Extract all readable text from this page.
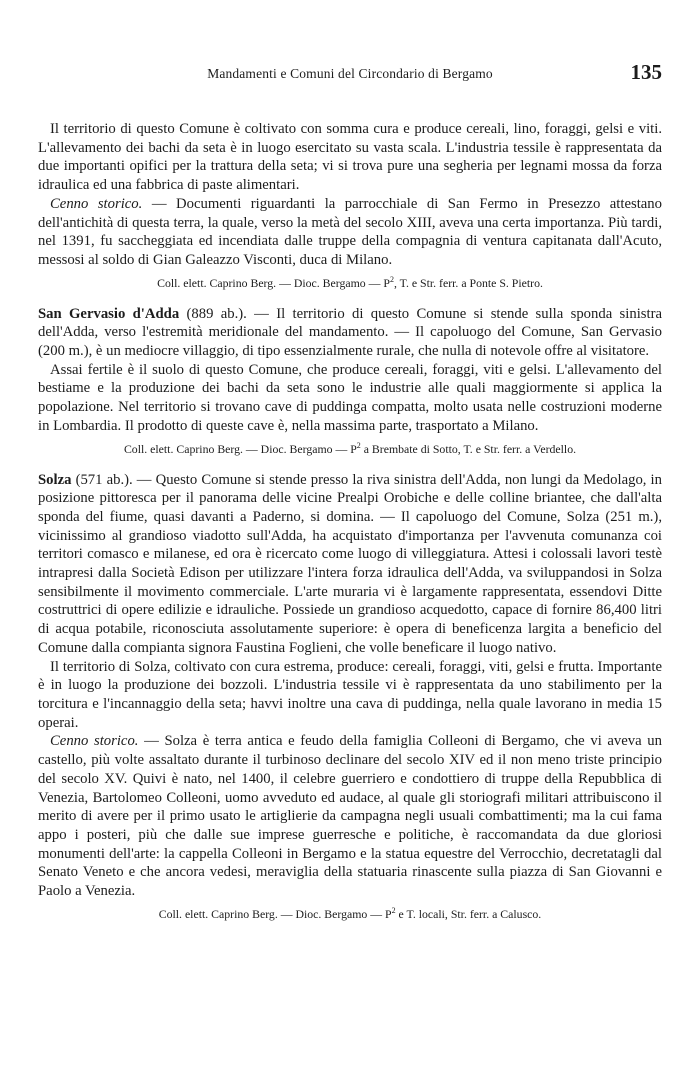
Mandamenti e Comuni del Circondario di Bergamo	135

Il territorio di questo Comune è coltivato con somma cura e produce cereali, lino, foraggi, gelsi e viti. L'allevamento dei bachi da seta è in luogo esercitato su vasta scala. L'industria tessile è rappresentata da due importanti opifici per la trattura della seta; vi si trova pure una segheria per legnami mossa da forza idraulica ed una fabbrica di paste alimentari.

Cenno storico. — Documenti riguardanti la parrocchiale di San Fermo in Presezzo attestano dell'antichità di questa terra, la quale, verso la metà del secolo XIII, aveva una certa importanza. Più tardi, nel 1391, fu saccheggiata ed incendiata dalle truppe della compagnia di ventura capitanata dall'Acuto, messosi al soldo di Gian Galeazzo Visconti, duca di Milano.

Coll. elett. Caprino Berg. — Dioc. Bergamo — $P^2$, T. e Str. ferr. a Ponte S. Pietro.

San Gervasio d'Adda (889 ab.). — Il territorio di questo Comune si stende sulla sponda sinistra dell'Adda, verso l'estremità meridionale del mandamento. — Il capoluogo del Comune, San Gervasio (200 m.), è un mediocre villaggio, di tipo essenzialmente rurale, che nulla di notevole offre al visitatore.

Assai fertile è il suolo di questo Comune, che produce cereali, foraggi, viti e gelsi. L'allevamento del bestiame e la produzione dei bachi da seta sono le industrie alle quali maggiormente si applica la popolazione. Nel territorio si trovano cave di puddinga compatta, molto usata nelle costruzioni moderne in Lombardia. Il prodotto di queste cave è, nella massima parte, trasportato a Milano.

Coll. elett. Caprino Berg. — Dioc. Bergamo — $P^2$ a Brembate di Sotto, T. e Str. ferr. a Verdello.

Solza (571 ab.). — Questo Comune si stende presso la riva sinistra dell'Adda, non lungi da Medolago, in posizione pittoresca per il panorama delle vicine Prealpi Orobiche e delle colline briantee, che dall'alta sponda del fiume, quasi davanti a Paderno, si domina. — Il capoluogo del Comune, Solza (251 m.), vicinissimo al grandioso viadotto sull'Adda, ha acquistato d'importanza per l'avvenuta comunanza coi territori comasco e milanese, ed ora è ricercato come luogo di villeggiatura. Attesi i colossali lavori testè intrapresi dalla Società Edison per utilizzare l'intera forza idraulica dell'Adda, va sviluppandosi in Solza sensibilmente il movimento commerciale. L'arte muraria vi è largamente rappresentata, essendovi Ditte costruttrici di opere edilizie e idrauliche. Possiede un grandioso acquedotto, capace di fornire 86,400 litri di acqua potabile, riconosciuta assolutamente superiore: è opera di beneficenza largita a beneficio del Comune dalla compianta signora Faustina Foglieni, che volle beneficare il luogo nativo.

Il territorio di Solza, coltivato con cura estrema, produce: cereali, foraggi, viti, gelsi e frutta. Importante è in luogo la produzione dei bozzoli. L'industria tessile vi è rappresentata da uno stabilimento per la torcitura e l'incannaggio della seta; havvi inoltre una cava di puddinga, nella quale lavorano in media 15 operai.

Cenno storico. — Solza è terra antica e feudo della famiglia Colleoni di Bergamo, che vi aveva un castello, più volte assaltato durante il turbinoso declinare del secolo XIV ed il non meno triste principio del secolo XV. Quivi è nato, nel 1400, il celebre guerriero e condottiero di truppe della Repubblica di Venezia, Bartolomeo Colleoni, uomo avveduto ed audace, al quale gli storiografi militari attribuiscono il merito di avere per il primo usato le artiglierie da campagna negli usuali combattimenti; ma la cui fama appo i posteri, più che dalle sue imprese guerresche e politiche, è raccomandata da due gloriosi monumenti dell'arte: la cappella Colleoni in Bergamo e la statua equestre del Verrocchio, decretatagli dal Senato Veneto e che ancora vedesi, meraviglia della statuaria rinascente sulla piazza di San Giovanni e Paolo a Venezia.

Coll. elett. Caprino Berg. — Dioc. Bergamo — $P^2$ e T. locali, Str. ferr. a Calusco.
